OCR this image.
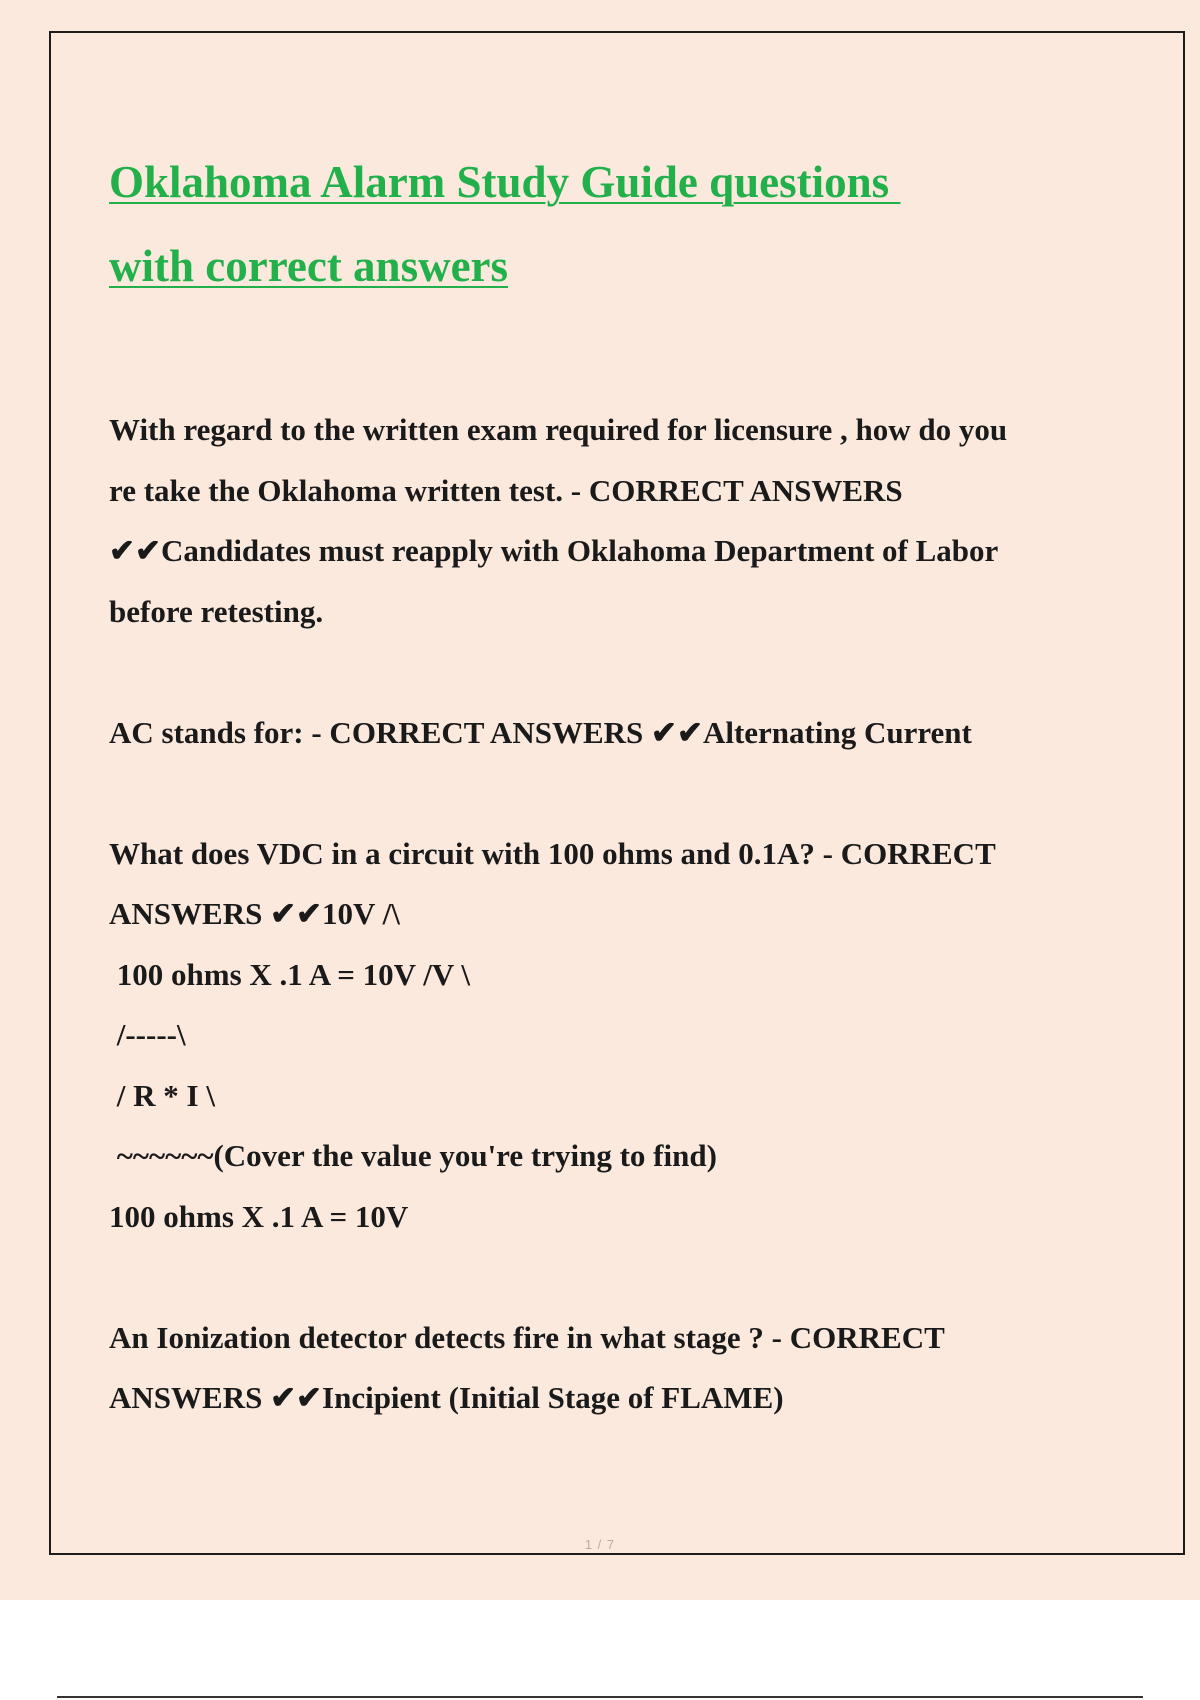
Oklahoma Alarm Study Guide questions
with correct answers
With regard to the written exam required for licensure , how do you
re take the Oklahoma written test. - CORRECT ANSWERS
✔✔Candidates must reapply with Oklahoma Department of Labor
before retesting.
AC stands for: - CORRECT ANSWERS ✔✔Alternating Current
What does VDC in a circuit with 100 ohms and 0.1A? - CORRECT
ANSWERS ✔✔10V /\
100 ohms X .1 A = 10V /V \
/-----\
/ R * I \
~~~~~~(Cover the value you're trying to find)
100 ohms X .1 A = 10V
An Ionization detector detects fire in what stage ? - CORRECT
ANSWERS ✔✔Incipient (Initial Stage of FLAME)
1 / 7
